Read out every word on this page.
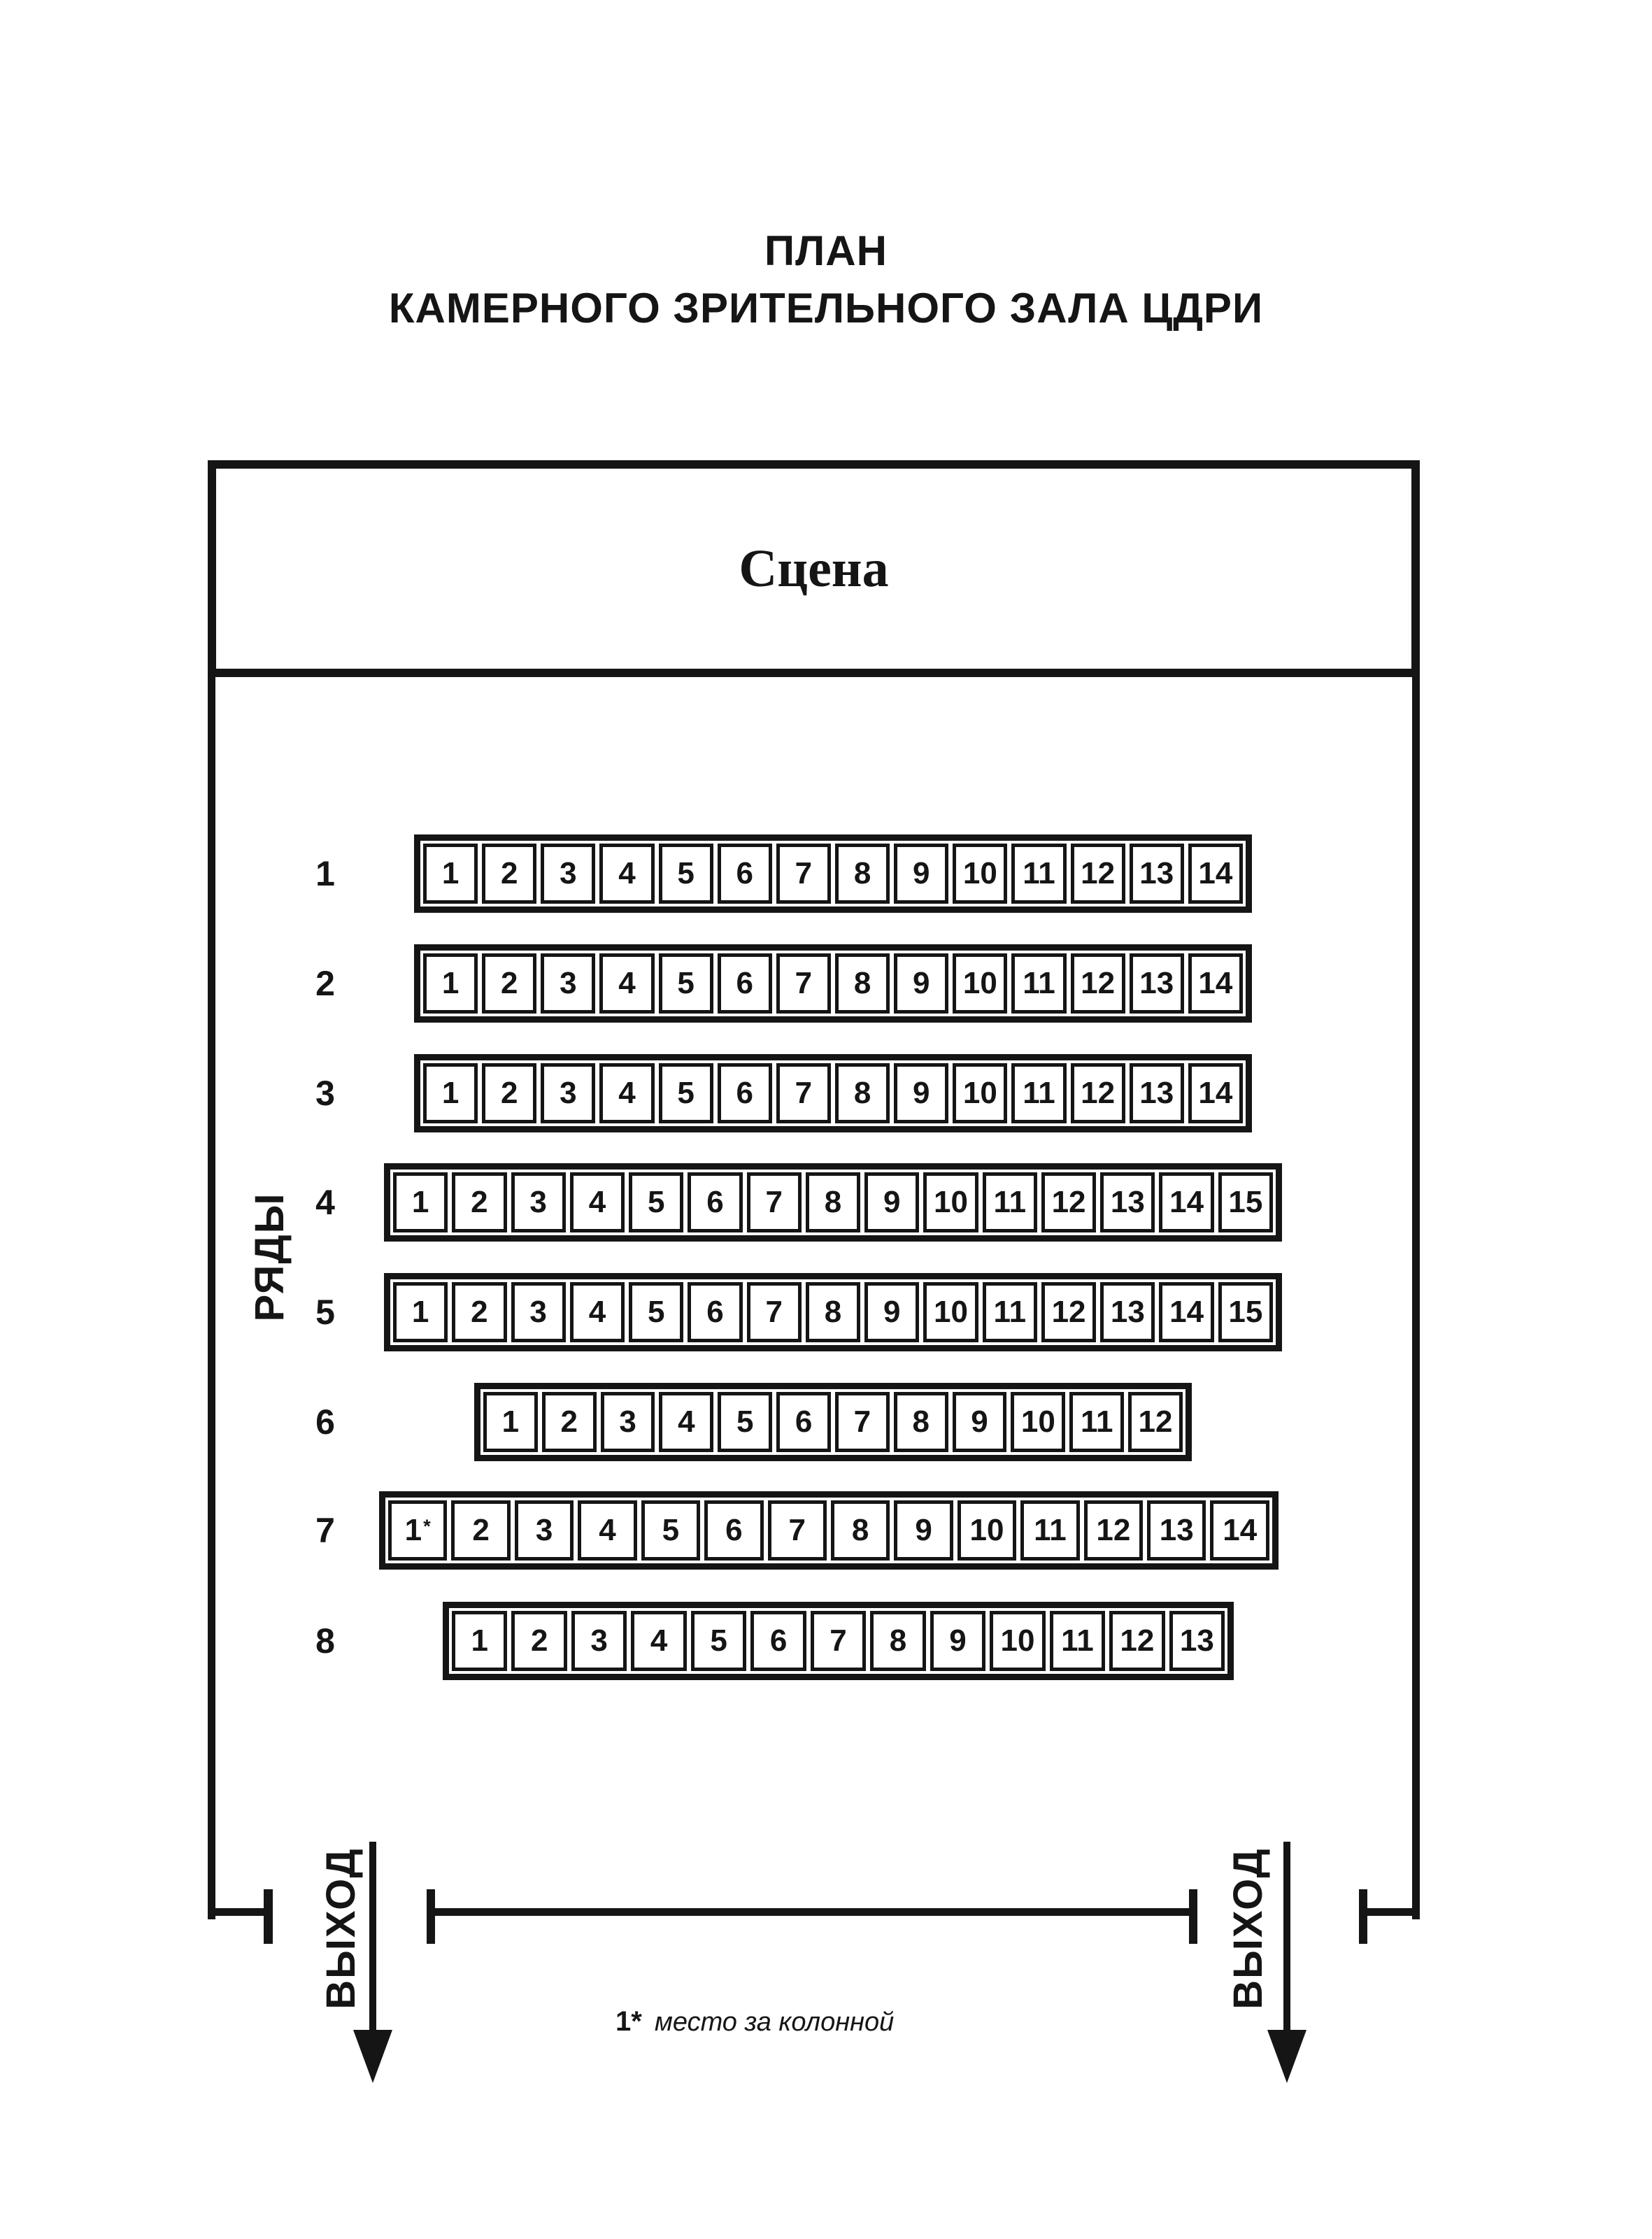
ПЛАН
КАМЕРНОГО ЗРИТЕЛЬНОГО ЗАЛА ЦДРИ
Сцена
РЯДЫ
1	1	2	3	4	5	6	7	8	9	10 11 12 13 14
2	1	2	3	4	5	6	7	8	9	10 11 12 13 14
3	1	2	3	4	5	6	7	8	9	10 11 12 13 14
4	1	2	3	4	5	6	7	8	9	10 11 12 13 14 15
5	1	2	3	4	5	6	7	8	9	10 11 12 13 14 15
6	1	2	3	4	5	6	7	8	9	10 11 12
7	1 *	2	3	4	5	6	7	8	9	10 11 12 13 14
8	1	2	3	4	5	6	7	8	9	10 11 12 13
ВЫХОД	ВЫХОД
1* место за колонной
